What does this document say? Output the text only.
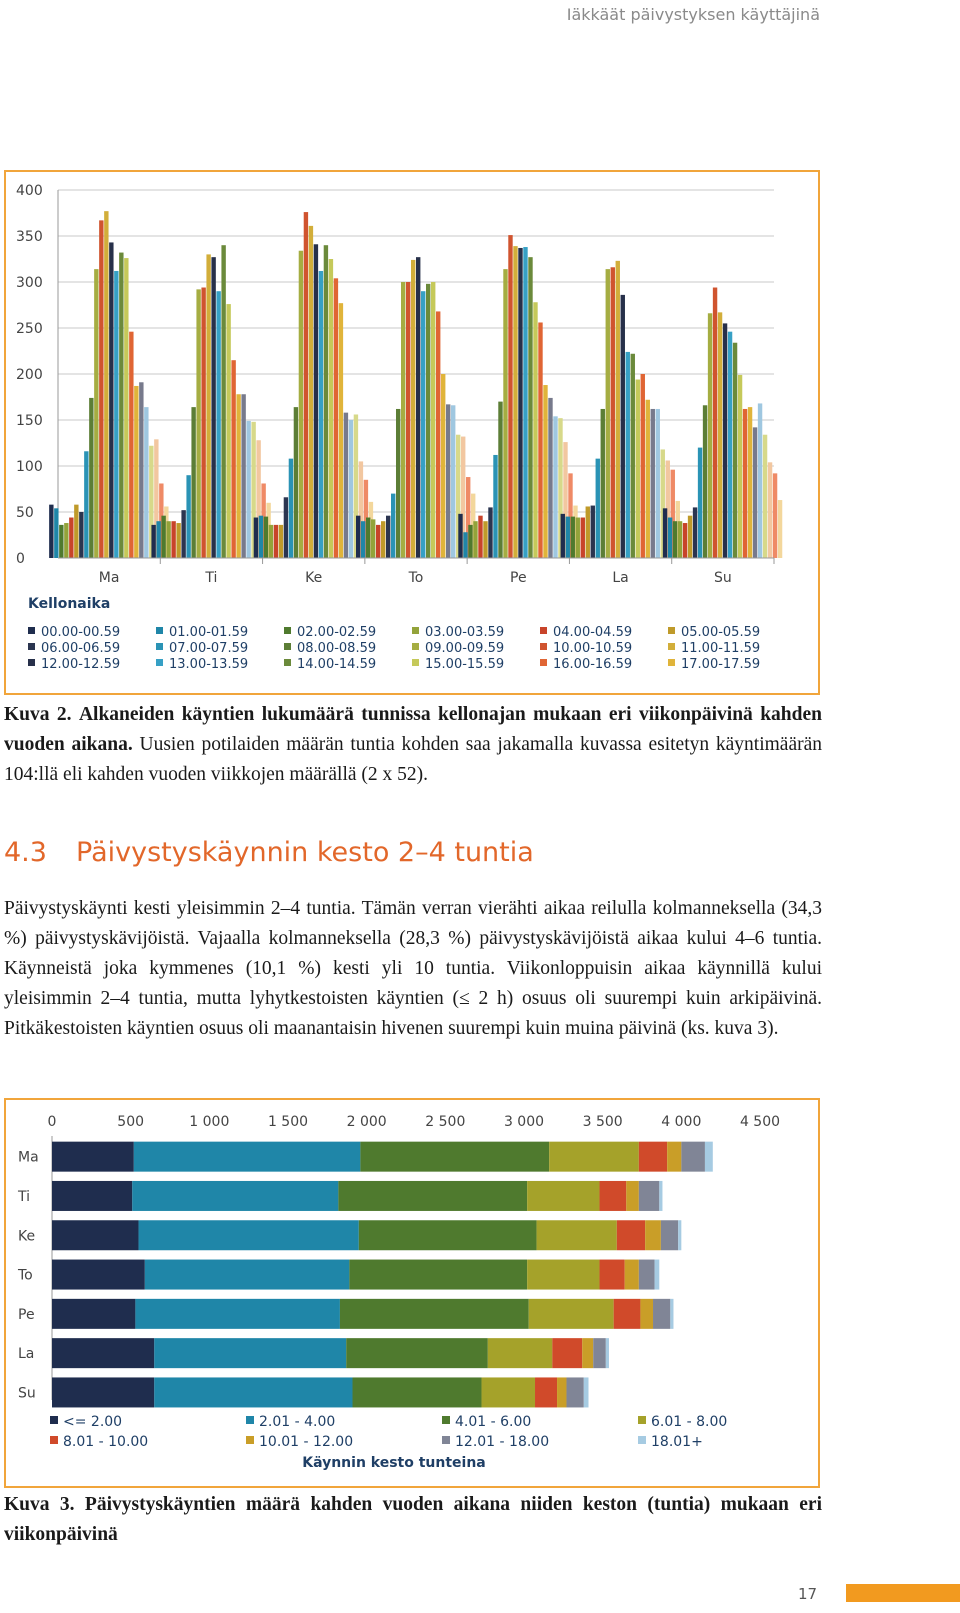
Iäkkäät päivystyksen käyttäjinä
0
50
100
150
200
250
300
350
400
Ma	Ti	Ke	To	Pe	La	Su
Kellonaika
00.00-00.59	01.00-01.59	02.00-02.59	03.00-03.59	04.00-04.59	05.00-05.59
06.00-06.59	07.00-07.59	08.00-08.59	09.00-09.59	10.00-10.59	11.00-11.59
12.00-12.59	13.00-13.59	14.00-14.59	15.00-15.59	16.00-16.59	17.00-17.59
Kuva 2. Alkaneiden käyntien lukumäärä tunnissa kellonajan mukaan eri viikonpäivinä kahden vuoden aikana. Uusien potilaiden määrän tuntia kohden saa jakamalla kuvassa esitetyn käyntimäärän 104:llä eli kahden vuoden viikkojen määrällä (2 x 52).
4.3 Päivystyskäynnin kesto 2–4 tuntia
Päivystyskäynti kesti yleisimmin 2–4 tuntia. Tämän verran vierähti aikaa reilulla kolmanneksella (34,3 %) päivystyskävijöistä. Vajaalla kolmanneksella (28,3 %) päivystyskävijöistä aikaa kului 4–6 tuntia. Käynneistä joka kymmenes (10,1 %) kesti yli 10 tuntia. Viikonloppuisin aikaa käynnillä kului yleisimmin 2–4 tuntia, mutta lyhytkestoisten käyntien (≤ 2 h) osuus oli suurempi kuin arkipäivinä. Pitkäkestoisten käyntien osuus oli maanantaisin hivenen suurempi kuin muina päivinä (ks. kuva 3).
0	500	1 000	1 500	2 000	2 500	3 000	3 500	4 000	4 500
Ma
Ti
Ke
To
Pe
La
Su
<= 2.00	2.01 - 4.00	4.01 - 6.00	6.01 - 8.00
8.01 - 10.00	10.01 - 12.00	12.01 - 18.00	18.01+
Käynnin kesto tunteina
Kuva 3. Päivystyskäyntien määrä kahden vuoden aikana niiden keston (tuntia) mukaan eri viikonpäivinä
17
